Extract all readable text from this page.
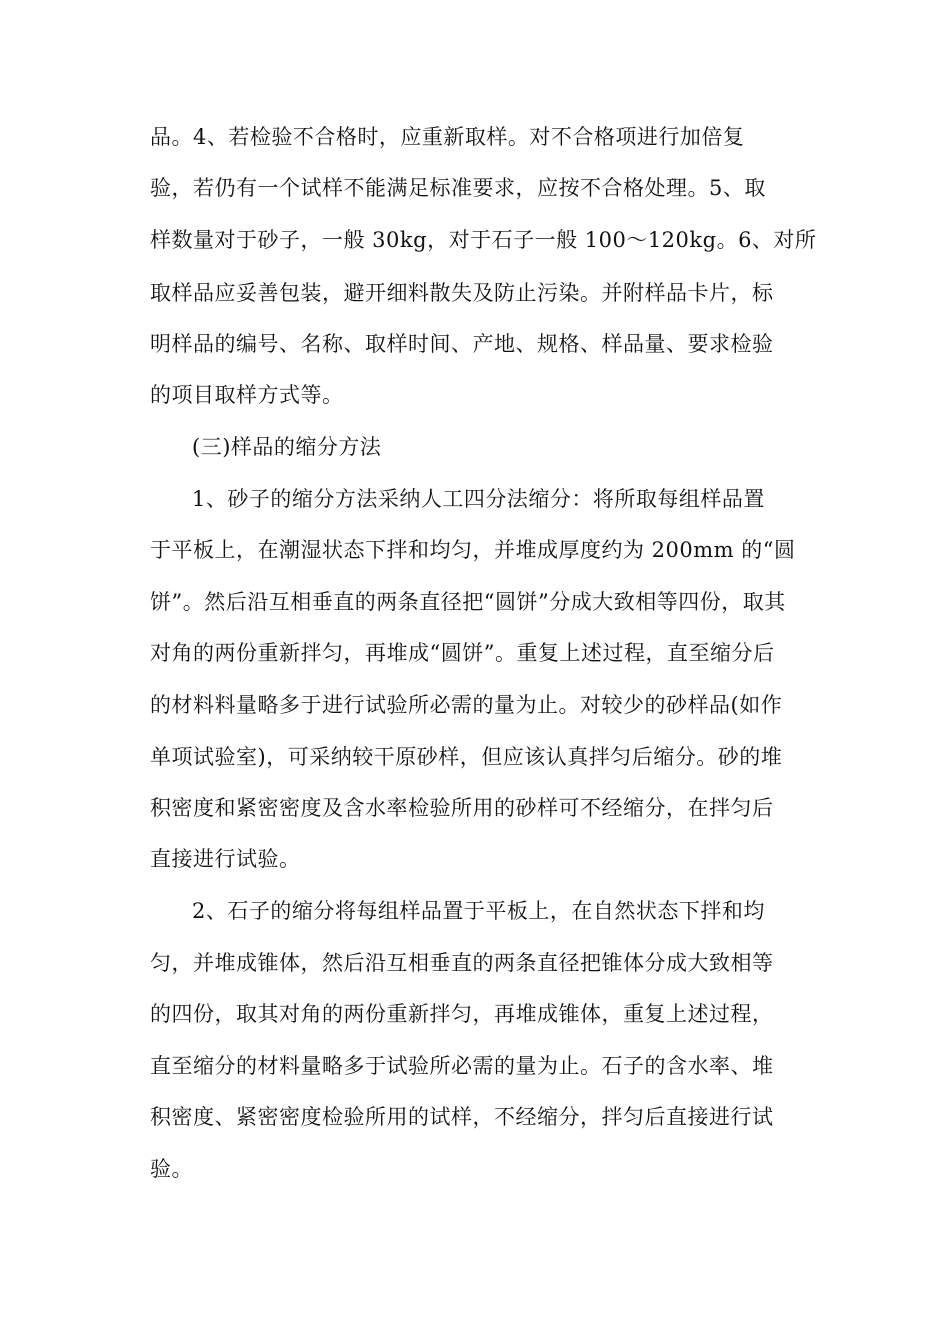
品。4、若检验不合格时，应重新取样。对不合格项进行加倍复
验，若仍有一个试样不能满足标准要求，应按不合格处理。5、取
样数量对于砂子，一般 30kg，对于石子一般 100～120kg。6、对所
取样品应妥善包装，避开细料散失及防止污染。并附样品卡片，标
明样品的编号、名称、取样时间、产地、规格、样品量、要求检验
的项目取样方式等。
(三)样品的缩分方法
1、砂子的缩分方法采纳人工四分法缩分：将所取每组样品置
于平板上，在潮湿状态下拌和均匀，并堆成厚度约为 200mm 的“圆
饼”。然后沿互相垂直的两条直径把“圆饼”分成大致相等四份，取其
对角的两份重新拌匀，再堆成“圆饼”。重复上述过程，直至缩分后
的材料料量略多于进行试验所必需的量为止。对较少的砂样品(如作
单项试验室)，可采纳较干原砂样，但应该认真拌匀后缩分。砂的堆
积密度和紧密密度及含水率检验所用的砂样可不经缩分，在拌匀后
直接进行试验。
2、石子的缩分将每组样品置于平板上，在自然状态下拌和均
匀，并堆成锥体，然后沿互相垂直的两条直径把锥体分成大致相等
的四份，取其对角的两份重新拌匀，再堆成锥体，重复上述过程，
直至缩分的材料量略多于试验所必需的量为止。石子的含水率、堆
积密度、紧密密度检验所用的试样，不经缩分，拌匀后直接进行试
验。
